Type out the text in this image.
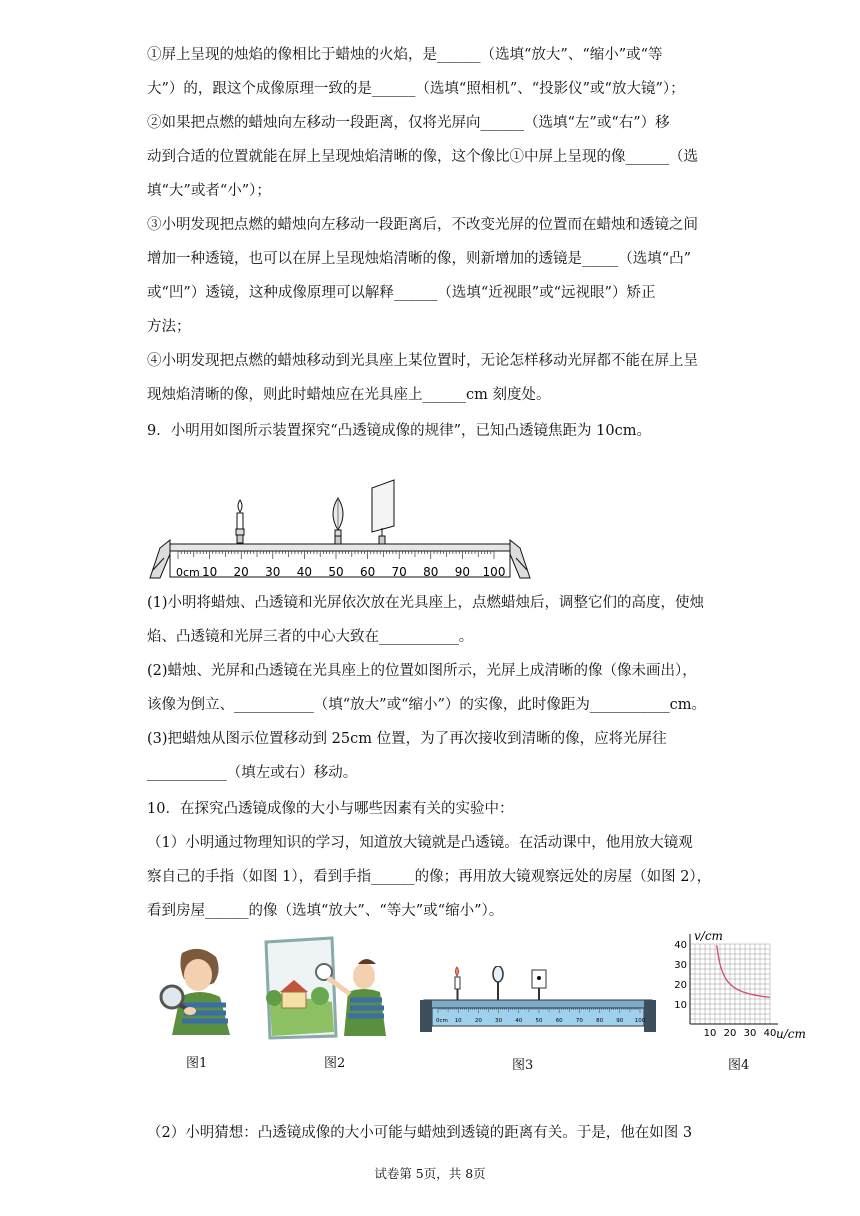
①屏上呈现的烛焰的像相比于蜡烛的火焰，是______（选填“放大”、“缩小”或“等
大”）的，跟这个成像原理一致的是______（选填“照相机”、“投影仪”或“放大镜”）；
②如果把点燃的蜡烛向左移动一段距离，仅将光屏向______（选填“左”或“右”）移
动到合适的位置就能在屏上呈现烛焰清晰的像，这个像比①中屏上呈现的像______（选
填“大”或者“小”）；
③小明发现把点燃的蜡烛向左移动一段距离后，不改变光屏的位置而在蜡烛和透镜之间
增加一种透镜，也可以在屏上呈现烛焰清晰的像，则新增加的透镜是_____（选填“凸”
或“凹”）透镜，这种成像原理可以解释______（选填“近视眼”或“远视眼”）矫正
方法；
④小明发现把点燃的蜡烛移动到光具座上某位置时，无论怎样移动光屏都不能在屏上呈
现烛焰清晰的像，则此时蜡烛应在光具座上______cm 刻度处。
9．小明用如图所示装置探究“凸透镜成像的规律”，已知凸透镜焦距为 10cm。
0cm 10 20 30 40 50 60 70 80 90 100
(1)小明将蜡烛、凸透镜和光屏依次放在光具座上，点燃蜡烛后，调整它们的高度，使烛
焰、凸透镜和光屏三者的中心大致在___________。
(2)蜡烛、光屏和凸透镜在光具座上的位置如图所示，光屏上成清晰的像（像未画出），
该像为倒立、___________（填“放大”或“缩小”）的实像，此时像距为___________cm。
(3)把蜡烛从图示位置移动到 25cm 位置，为了再次接收到清晰的像，应将光屏往
___________（填左或右）移动。
10．在探究凸透镜成像的大小与哪些因素有关的实验中：
（1）小明通过物理知识的学习，知道放大镜就是凸透镜。在活动课中，他用放大镜观
察自己的手指（如图 1），看到手指______的像；再用放大镜观察远处的房屋（如图 2），
看到房屋______的像（选填“放大”、“等大”或“缩小”）。
图1	图2
0cm 10 20 30 40 50 60 70 80 90 100
图3
10
20
30
40
10 20 30 40
v/cm
u/cm
图4
（2）小明猜想：凸透镜成像的大小可能与蜡烛到透镜的距离有关。于是，他在如图 3
试卷第 5页，共 8页
